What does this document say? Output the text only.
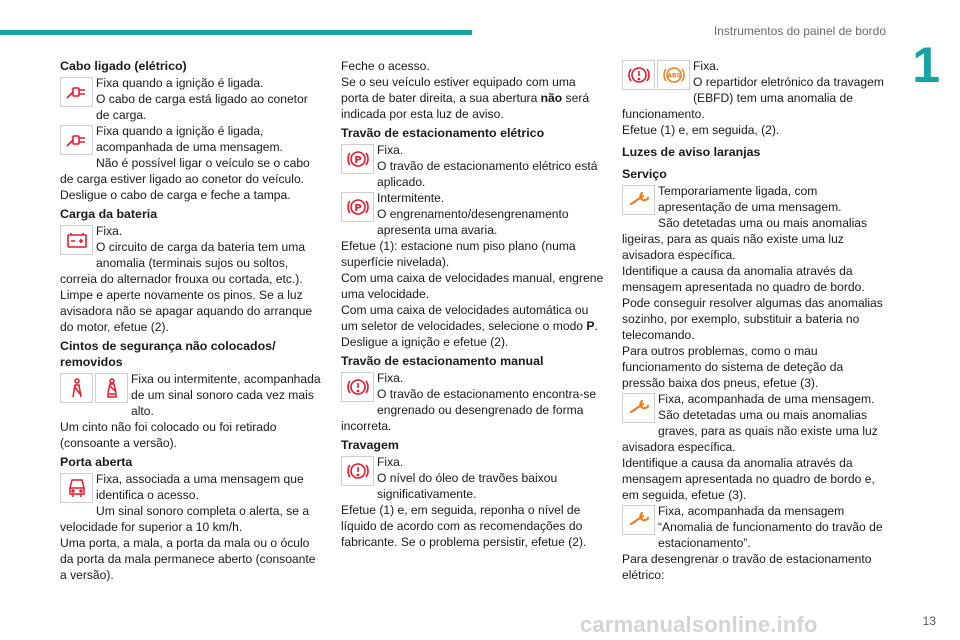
Instrumentos do painel de bordo
1
Cabo ligado (elétrico)

Fixa quando a ignição é ligada.
O cabo de carga está ligado ao conetor de carga.

Fixa quando a ignição é ligada, acompanhada de uma mensagem.
Não é possível ligar o veículo se o cabo de carga estiver ligado ao conetor do veículo.
Desligue o cabo de carga e feche a tampa.

Carga da bateria

Fixa.
O circuito de carga da bateria tem uma anomalia (terminais sujos ou soltos, correia do alternador frouxa ou cortada, etc.).
Limpe e aperte novamente os pinos. Se a luz avisadora não se apagar aquando do arranque do motor, efetue (2).

Cintos de segurança não colocados/ removidos

Fixa ou intermitente, acompanhada de um sinal sonoro cada vez mais alto.
Um cinto não foi colocado ou foi retirado (consoante a versão).

Porta aberta

Fixa, associada a uma mensagem que identifica o acesso.
Um sinal sonoro completa o alerta, se a velocidade for superior a 10 km/h.
Uma porta, a mala, a porta da mala ou o óculo da porta da mala permanece aberto (consoante a versão).

Feche o acesso.
Se o seu veículo estiver equipado com uma porta de bater direita, a sua abertura não será indicada por esta luz de aviso.

Travão de estacionamento elétrico
P

Fixa.
O travão de estacionamento elétrico está aplicado.

P

Intermitente.
O engrenamento/desengrenamento apresenta uma avaria.
Efetue (1): estacione num piso plano (numa superfície nivelada).
Com uma caixa de velocidades manual, engrene uma velocidade.
Com uma caixa de velocidades automática ou um seletor de velocidades, selecione o modo P.
Desligue a ignição e efetue (2).

Travão de estacionamento manual

Fixa.
O travão de estacionamento encontra-se engrenado ou desengrenado de forma incorreta.

Travagem

Fixa.
O nível do óleo de travões baixou significativamente.
Efetue (1) e, em seguida, reponha o nível de líquido de acordo com as recomendações do fabricante. Se o problema persistir, efetue (2).

ABS

Fixa.
O repartidor eletrónico da travagem (EBFD) tem uma anomalia de funcionamento.
Efetue (1) e, em seguida, (2).

Luzes de aviso laranjas
Serviço

Temporariamente ligada, com apresentação de uma mensagem.
São detetadas uma ou mais anomalias ligeiras, para as quais não existe uma luz avisadora específica.
Identifique a causa da anomalia através da mensagem apresentada no quadro de bordo.
Pode conseguir resolver algumas das anomalias sozinho, por exemplo, substituir a bateria no telecomando.
Para outros problemas, como o mau funcionamento do sistema de deteção da pressão baixa dos pneus, efetue (3).

Fixa, acompanhada de uma mensagem.
São detetadas uma ou mais anomalias graves, para as quais não existe uma luz avisadora específica.
Identifique a causa da anomalia através da mensagem apresentada no quadro de bordo e, em seguida, efetue (3).

Fixa, acompanhada da mensagem “Anomalia de funcionamento do travão de estacionamento”.
Para desengrenar o travão de estacionamento elétrico:

carmanualsonline.info	13
